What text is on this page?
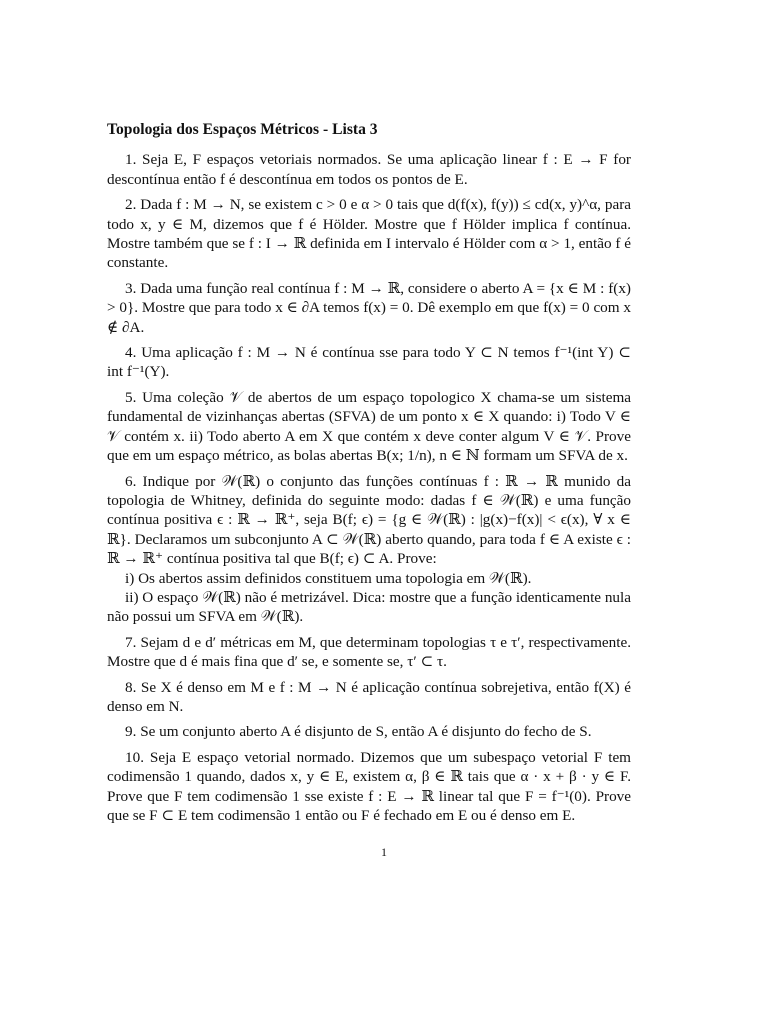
Topologia dos Espaços Métricos - Lista 3

1. Seja E, F espaços vetoriais normados. Se uma aplicação linear f : E → F for descontínua então f é descontínua em todos os pontos de E.

2. Dada f : M → N, se existem c > 0 e α > 0 tais que d(f(x), f(y)) ≤ cd(x, y)^α, para todo x, y ∈ M, dizemos que f é Hölder. Mostre que f Hölder implica f contínua. Mostre também que se f : I → ℝ definida em I intervalo é Hölder com α > 1, então f é constante.

3. Dada uma função real contínua f : M → ℝ, considere o aberto A = {x ∈ M : f(x) > 0}. Mostre que para todo x ∈ ∂A temos f(x) = 0. Dê exemplo em que f(x) = 0 com x ∉ ∂A.

4. Uma aplicação f : M → N é contínua sse para todo Y ⊂ N temos f⁻¹(int Y) ⊂ int f⁻¹(Y).

5. Uma coleção 𝒱 de abertos de um espaço topologico X chama-se um sistema fundamental de vizinhanças abertas (SFVA) de um ponto x ∈ X quando: i) Todo V ∈ 𝒱 contém x. ii) Todo aberto A em X que contém x deve conter algum V ∈ 𝒱. Prove que em um espaço métrico, as bolas abertas B(x; 1/n), n ∈ ℕ formam um SFVA de x.

6. Indique por 𝒲(ℝ) o conjunto das funções contínuas f : ℝ → ℝ munido da topologia de Whitney, definida do seguinte modo: dadas f ∈ 𝒲(ℝ) e uma função contínua positiva ϵ : ℝ → ℝ⁺, seja B(f; ϵ) = {g ∈ 𝒲(ℝ) : |g(x)−f(x)| < ϵ(x), ∀ x ∈ ℝ}. Declaramos um subconjunto A ⊂ 𝒲(ℝ) aberto quando, para toda f ∈ A existe ϵ : ℝ → ℝ⁺ contínua positiva tal que B(f; ϵ) ⊂ A. Prove:

i) Os abertos assim definidos constituem uma topologia em 𝒲(ℝ).

ii) O espaço 𝒲(ℝ) não é metrizável. Dica: mostre que a função identicamente nula não possui um SFVA em 𝒲(ℝ).

7. Sejam d e d′ métricas em M, que determinam topologias τ e τ′, respectivamente. Mostre que d é mais fina que d′ se, e somente se, τ′ ⊂ τ.

8. Se X é denso em M e f : M → N é aplicação contínua sobrejetiva, então f(X) é denso em N.

9. Se um conjunto aberto A é disjunto de S, então A é disjunto do fecho de S.

10. Seja E espaço vetorial normado. Dizemos que um subespaço vetorial F tem codimensão 1 quando, dados x, y ∈ E, existem α, β ∈ ℝ tais que α · x + β · y ∈ F. Prove que F tem codimensão 1 sse existe f : E → ℝ linear tal que F = f⁻¹(0). Prove que se F ⊂ E tem codimensão 1 então ou F é fechado em E ou é denso em E.

1
